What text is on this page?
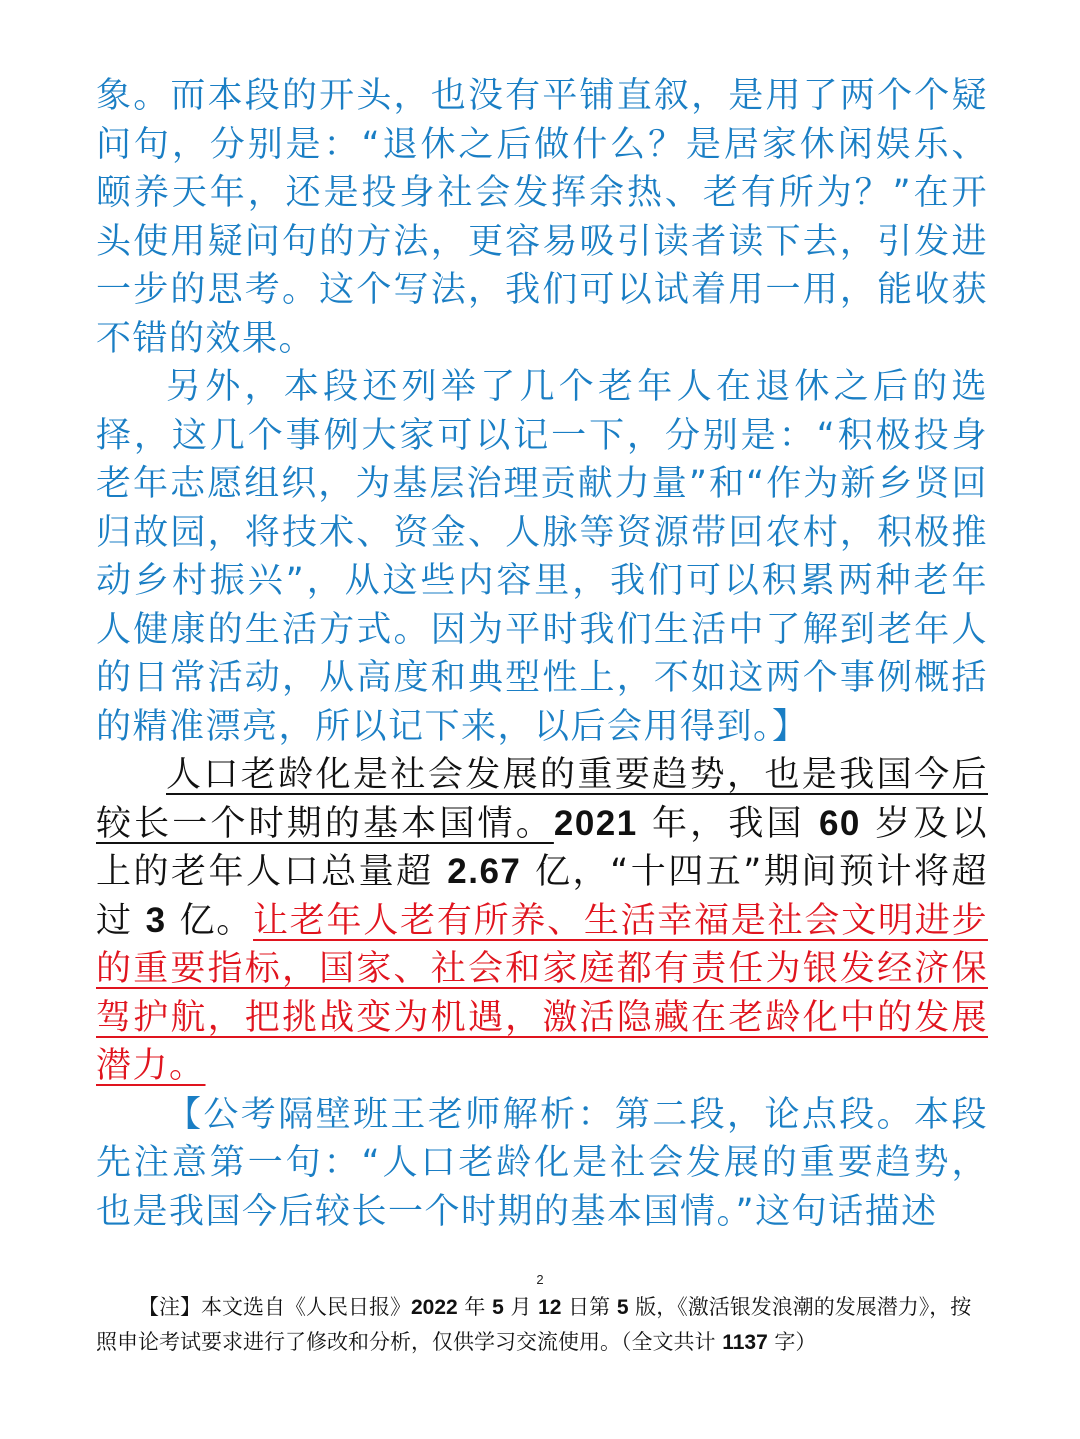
象。而本段的开头，也没有平铺直叙，是用了两个个疑问句，分别是：“退休之后做什么？是居家休闲娱乐、颐养天年，还是投身社会发挥余热、老有所为？”在开头使用疑问句的方法，更容易吸引读者读下去，引发进一步的思考。这个写法，我们可以试着用一用，能收获不错的效果。

另外，本段还列举了几个老年人在退休之后的选择，这几个事例大家可以记一下，分别是：“积极投身老年志愿组织，为基层治理贡献力量”和“作为新乡贤回归故园，将技术、资金、人脉等资源带回农村，积极推动乡村振兴”，从这些内容里，我们可以积累两种老年人健康的生活方式。因为平时我们生活中了解到老年人的日常活动，从高度和典型性上，不如这两个事例概括的精准漂亮，所以记下来，以后会用得到。】

人口老龄化是社会发展的重要趋势，也是我国今后较长一个时期的基本国情。2021 年，我国 60 岁及以上的老年人口总量超 2.67 亿，“十四五”期间预计将超过 3 亿。让老年人老有所养、生活幸福是社会文明进步的重要指标，国家、社会和家庭都有责任为银发经济保驾护航，把挑战变为机遇，激活隐藏在老龄化中的发展潜力。

【公考隔壁班王老师解析：第二段，论点段。本段先注意第一句：“人口老龄化是社会发展的重要趋势，也是我国今后较长一个时期的基本国情。”这句话描述

2

【注】本文选自《人民日报》2022 年 5 月 12 日第 5 版，《激活银发浪潮的发展潜力》，按照申论考试要求进行了修改和分析，仅供学习交流使用。（全文共计 1137 字）
